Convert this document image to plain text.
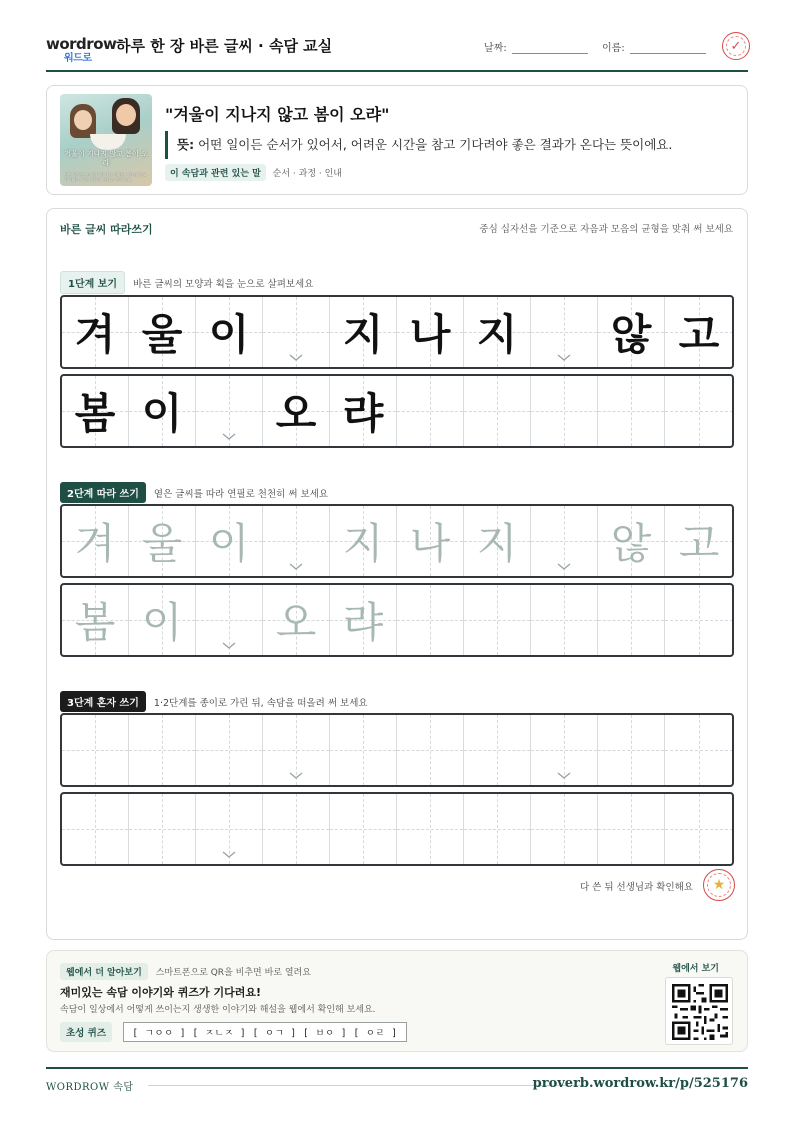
wordrow
워드로
하루 한 장 바른 글씨 · 속담 교실	날짜:	이름:	✓
겨울이 지나지 않고 봄이 오랴
어떤 일이든 순서가 있어서, 어려운 시간을 참고 기다려야 좋은 결과가 온다는 뜻이에요.
"겨울이 지나지 않고 봄이 오랴"
뜻: 어떤 일이든 순서가 있어서, 어려운 시간을 참고 기다려야 좋은 결과가 온다는 뜻이에요.
이 속담과 관련 있는 말 순서 · 과정 · 인내
바른 글씨 따라쓰기	중심 십자선을 기준으로 자음과 모음의 균형을 맞춰 써 보세요
1단계 보기 바른 글씨의 모양과 획을 눈으로 살펴보세요
2단계 따라 쓰기 옅은 글씨를 따라 연필로 천천히 써 보세요
3단계 혼자 쓰기 1·2단계를 종이로 가린 뒤, 속담을 떠올려 써 보세요
다 쓴 뒤 선생님과 확인해요	★
겨 울 이	지 나 지	않 고
봄 이	오 랴
겨 울 이	지 나 지	않 고
봄 이	오 랴
웹에서 더 알아보기 스마트폰으로 QR을 비추면 바로 열려요
재미있는 속담 이야기와 퀴즈가 기다려요!
속담이 일상에서 어떻게 쓰이는지 생생한 이야기와 해설을 웹에서 확인해 보세요.
초성 퀴즈	[ ㄱㅇㅇ ] [ ㅈㄴㅈ ] [ ㅇㄱ ] [ ㅂㅇ ] [ ㅇㄹ ]
웹에서 보기
WORDROW 속담	proverb.wordrow.kr/p/525176
